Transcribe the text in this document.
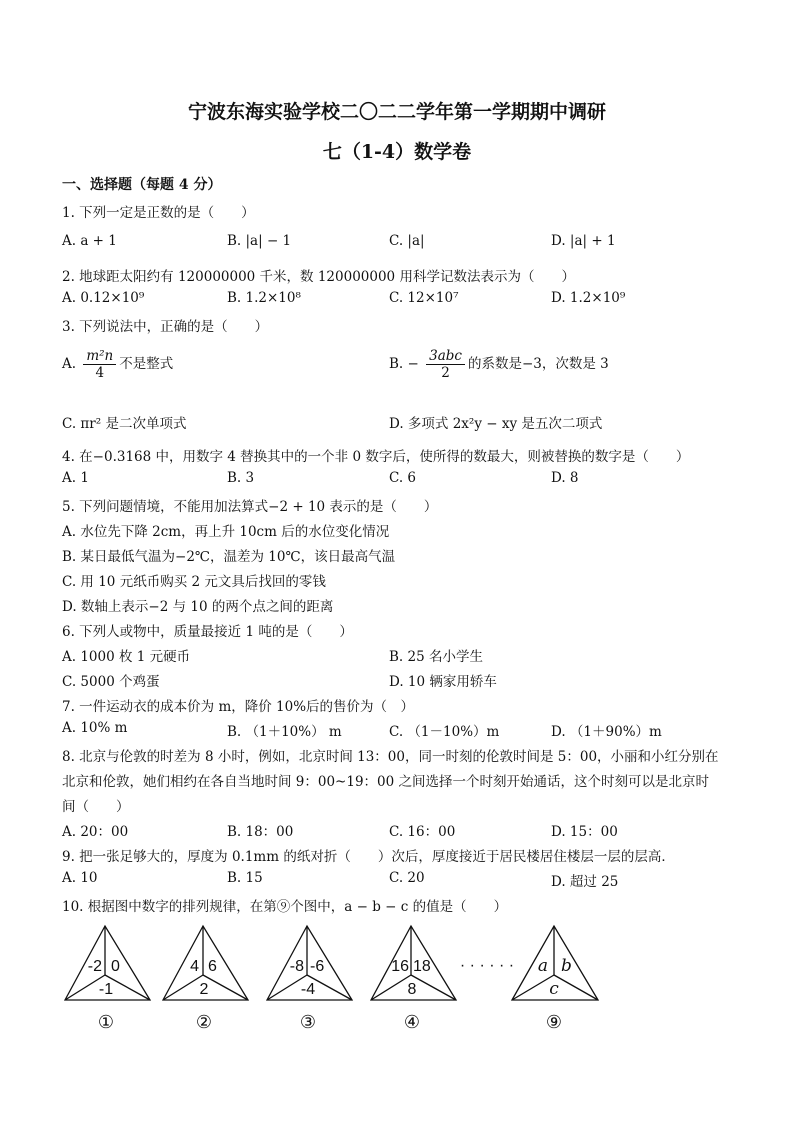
宁波东海实验学校二〇二二学年第一学期期中调研
七（1-4）数学卷
一、选择题（每题 4 分）
1. 下列一定是正数的是（　　）
A. a + 1	B. |a| − 1	C. |a|	D. |a| + 1
2. 地球距太阳约有 120000000 千米，数 120000000 用科学记数法表示为（　　）
A. 0.12×10⁹	B. 1.2×10⁸	C. 12×10⁷	D. 1.2×10⁹
3. 下列说法中，正确的是（　　）
A. $\frac{\text{m²n}}{4}$ 不是整式	B. − $\frac{\text{3abc}}{2}$ 的系数是−3，次数是 3
C. πr² 是二次单项式	D. 多项式 2x²y − xy 是五次二项式
4. 在−0.3168 中，用数字 4 替换其中的一个非 0 数字后，使所得的数最大，则被替换的数字是（　　）
A. 1	B. 3	C. 6	D. 8
5. 下列问题情境，不能用加法算式−2 + 10 表示的是（　　）
A. 水位先下降 2cm，再上升 10cm 后的水位变化情况
B. 某日最低气温为−2℃，温差为 10℃，该日最高气温
C. 用 10 元纸币购买 2 元文具后找回的零钱
D. 数轴上表示−2 与 10 的两个点之间的距离
6. 下列人或物中，质量最接近 1 吨的是（　　）
A. 1000 枚 1 元硬币	B. 25 名小学生
C. 5000 个鸡蛋	D. 10 辆家用轿车
7. 一件运动衣的成本价为 m，降价 10%后的售价为（　）
A. 10% m	B. （1＋10%） m	C. （1－10%）m	D. （1＋90%）m
8. 北京与伦敦的时差为 8 小时，例如，北京时间 13：00，同一时刻的伦敦时间是 5：00，小丽和小红分别在
北京和伦敦，她们相约在各自当地时间 9：00~19：00 之间选择一个时刻开始通话，这个时刻可以是北京时
间（　　）
A. 20：00	B. 18：00	C. 16：00	D. 15：00
9. 把一张足够大的，厚度为 0.1mm 的纸对折（　　）次后，厚度接近于居民楼居住楼层一层的层高．
A. 10	B. 15	C. 20	D. 超过 25
10. 根据图中数字的排列规律，在第⑨个图中，a − b − c 的值是（　　）
-2 0
-1
①
4 6
2
②
-8 -6
-4
③
16 18
8
④
· · · · · · a b
c
⑨
